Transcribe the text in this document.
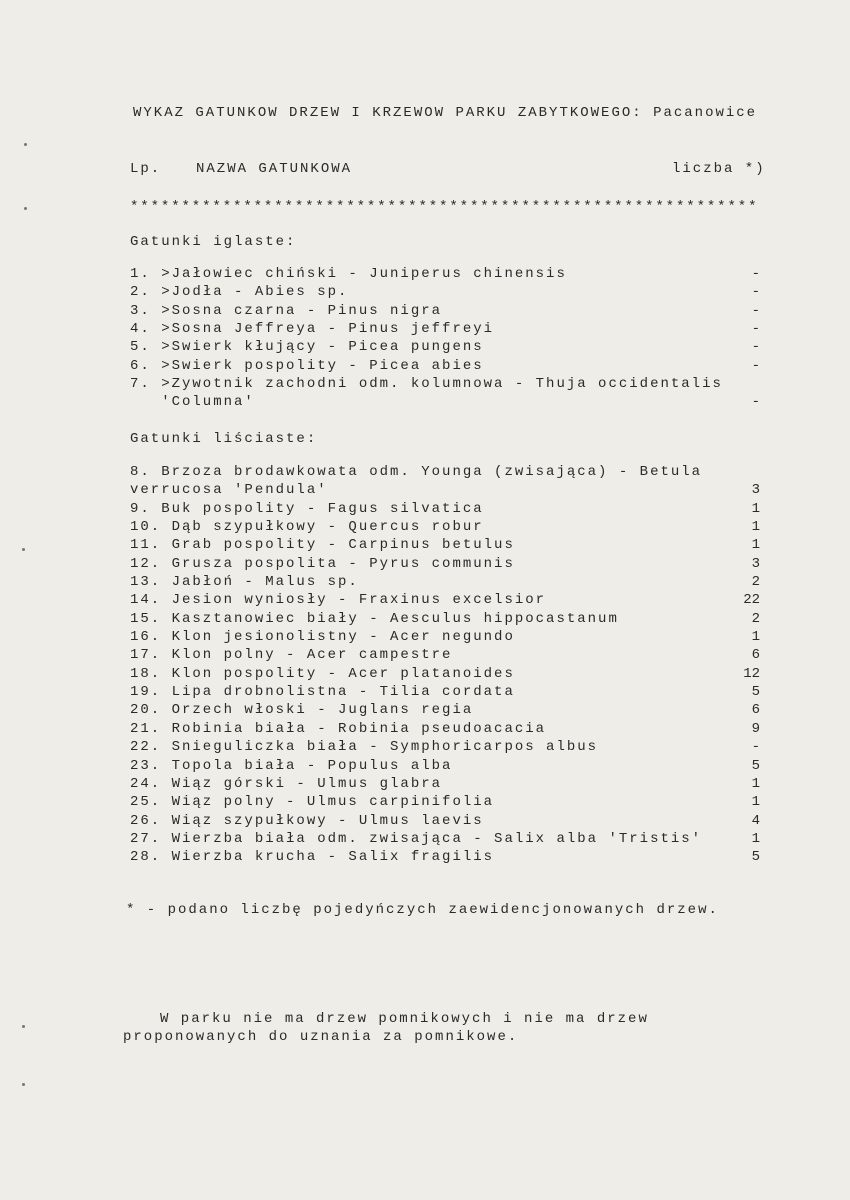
WYKAZ GATUNKOW DRZEW I KRZEWOW PARKU ZABYTKOWEGO: Pacanowice
Lp. NAZWA GATUNKOWA	liczba *)
*************************************************************
Gatunki iglaste:
1. >Jałowiec chiński - Juniperus chinensis	-
2. >Jodła - Abies sp.	-
3. >Sosna czarna - Pinus nigra	-
4. >Sosna Jeffreya - Pinus jeffreyi	-
5. >Swierk kłujący - Picea pungens	-
6. >Swierk pospolity - Picea abies	-
7. >Zywotnik zachodni odm. kolumnowa - Thuja occidentalis
'Columna'	-
Gatunki liściaste:
8. Brzoza brodawkowata odm. Younga (zwisająca) - Betula
verrucosa 'Pendula'	3
9. Buk pospolity - Fagus silvatica	1
10. Dąb szypułkowy - Quercus robur	1
11. Grab pospolity - Carpinus betulus	1
12. Grusza pospolita - Pyrus communis	3
13. Jabłoń - Malus sp.	2
14. Jesion wyniosły - Fraxinus excelsior	22
15. Kasztanowiec biały - Aesculus hippocastanum	2
16. Klon jesionolistny - Acer negundo	1
17. Klon polny - Acer campestre	6
18. Klon pospolity - Acer platanoides	12
19. Lipa drobnolistna - Tilia cordata	5
20. Orzech włoski - Juglans regia	6
21. Robinia biała - Robinia pseudoacacia	9
22. Snieguliczka biała - Symphoricarpos albus	-
23. Topola biała - Populus alba	5
24. Wiąz górski - Ulmus glabra	1
25. Wiąz polny - Ulmus carpinifolia	1
26. Wiąz szypułkowy - Ulmus laevis	4
27. Wierzba biała odm. zwisająca - Salix alba 'Tristis'	1
28. Wierzba krucha - Salix fragilis	5
* - podano liczbę pojedyńczych zaewidencjonowanych drzew.
W parku nie ma drzew pomnikowych i nie ma drzew
proponowanych do uznania za pomnikowe.
